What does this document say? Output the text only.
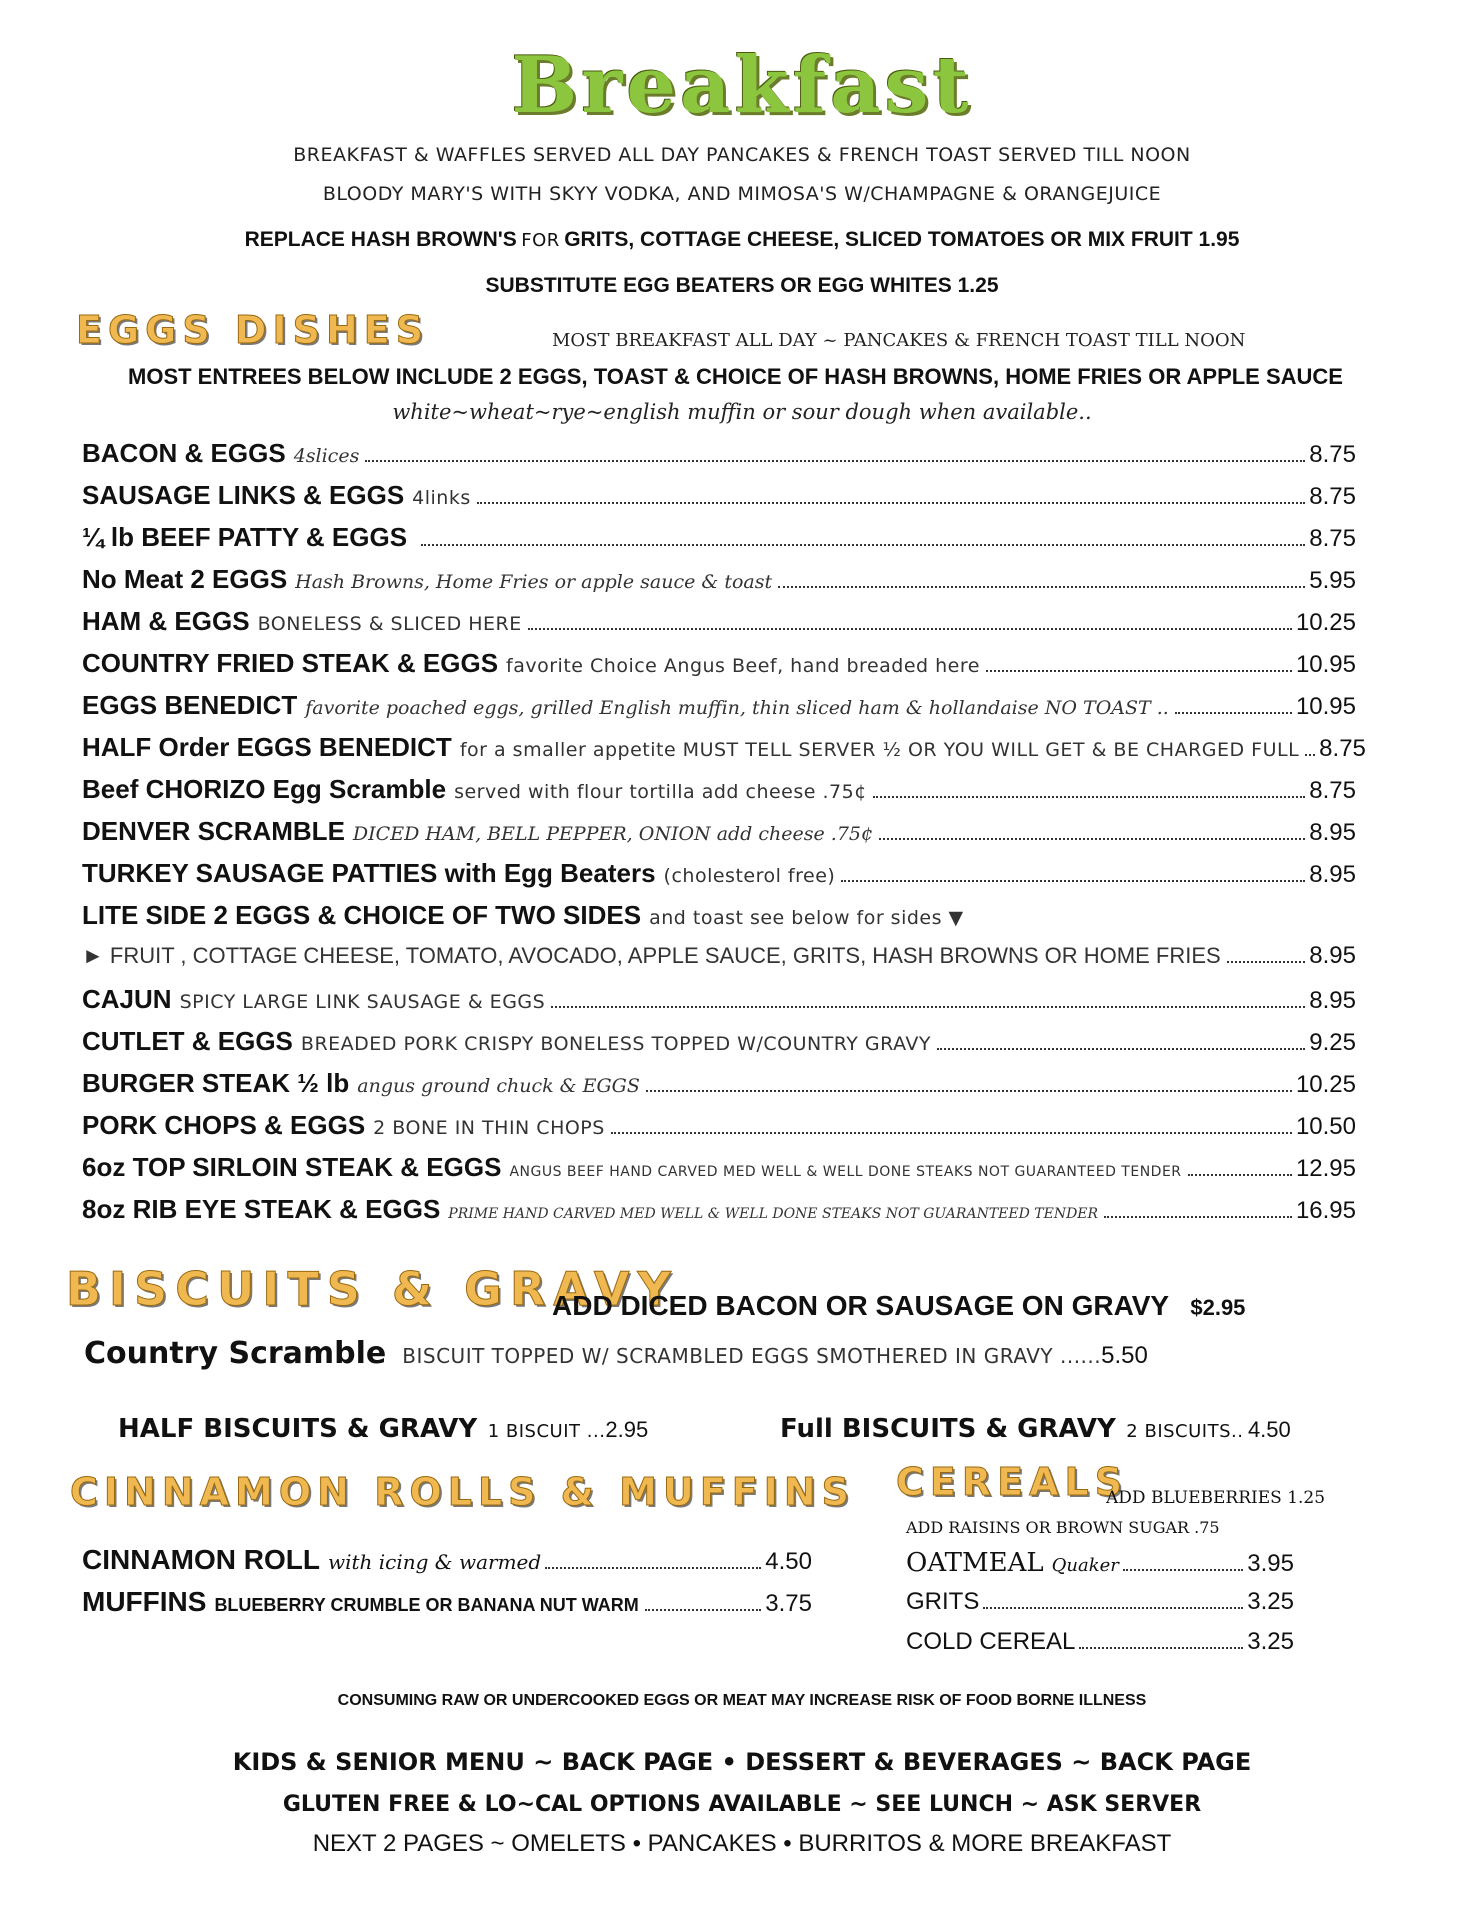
Breakfast
BREAKFAST & WAFFLES SERVED ALL DAY PANCAKES & FRENCH TOAST SERVED TILL NOON
BLOODY MARY'S WITH SKYY VODKA, AND MIMOSA'S W/CHAMPAGNE & ORANGEJUICE
REPLACE HASH BROWN'S FOR GRITS, COTTAGE CHEESE, SLICED TOMATOES OR MIX FRUIT 1.95
SUBSTITUTE EGG BEATERS OR EGG WHITES 1.25
EGGS DISHES	MOST BREAKFAST ALL DAY ~ PANCAKES & FRENCH TOAST TILL NOON
MOST ENTREES BELOW INCLUDE 2 EGGS, TOAST & CHOICE OF HASH BROWNS, HOME FRIES OR APPLE SAUCE
white~wheat~rye~english muffin or sour dough when available..
BACON & EGGS 4slices	8.75
SAUSAGE LINKS & EGGS 4links	8.75
¼ lb BEEF PATTY & EGGS	8.75
No Meat 2 EGGS Hash Browns, Home Fries or apple sauce & toast	5.95
HAM & EGGS BONELESS & SLICED HERE	10.25
COUNTRY FRIED STEAK & EGGS favorite Choice Angus Beef, hand breaded here	10.95
EGGS BENEDICT favorite poached eggs, grilled English muffin, thin sliced ham & hollandaise NO TOAST ..	10.95
HALF Order EGGS BENEDICT for a smaller appetite MUST TELL SERVER ½ OR YOU WILL GET & BE CHARGED FULL 8.75
Beef CHORIZO Egg Scramble served with flour tortilla add cheese .75¢	8.75
DENVER SCRAMBLE DICED HAM, BELL PEPPER, ONION add cheese .75¢	8.95
TURKEY SAUSAGE PATTIES with Egg Beaters (cholesterol free)	8.95
LITE SIDE 2 EGGS & CHOICE OF TWO SIDES and toast see below for sides ▼
► FRUIT , COTTAGE CHEESE, TOMATO, AVOCADO, APPLE SAUCE, GRITS, HASH BROWNS OR HOME FRIES	8.95
CAJUN SPICY LARGE LINK SAUSAGE & EGGS	8.95
CUTLET & EGGS BREADED PORK CRISPY BONELESS TOPPED W/COUNTRY GRAVY	9.25
BURGER STEAK ½ lb angus ground chuck & EGGS	10.25
PORK CHOPS & EGGS 2 BONE IN THIN CHOPS	10.50
6oz TOP SIRLOIN STEAK & EGGS ANGUS BEEF HAND CARVED MED WELL & WELL DONE STEAKS NOT GUARANTEED TENDER	12.95
8oz RIB EYE STEAK & EGGS PRIME HAND CARVED MED WELL & WELL DONE STEAKS NOT GUARANTEED TENDER	16.95
BISCUITS & GRAVY
ADD DICED BACON OR SAUSAGE ON GRAVY $2.95
Country Scramble BISCUIT TOPPED W/ SCRAMBLED EGGS SMOTHERED IN GRAVY ...... 5.50
HALF BISCUITS & GRAVY 1 BISCUIT ...2.95	Full BISCUITS & GRAVY 2 BISCUITS.. 4.50
CINNAMON ROLLS & MUFFINS
CINNAMON ROLL with icing & warmed	4.50
MUFFINS BLUEBERRY CRUMBLE OR BANANA NUT WARM	3.75
CEREALS
ADD BLUEBERRIES 1.25
ADD RAISINS OR BROWN SUGAR .75
OATMEAL Quaker	3.95
GRITS	3.25
COLD CEREAL	3.25
CONSUMING RAW OR UNDERCOOKED EGGS OR MEAT MAY INCREASE RISK OF FOOD BORNE ILLNESS
KIDS & SENIOR MENU ~ BACK PAGE • DESSERT & BEVERAGES ~ BACK PAGE
GLUTEN FREE & LO~CAL OPTIONS AVAILABLE ~ SEE LUNCH ~ ASK SERVER
NEXT 2 PAGES ~ OMELETS • PANCAKES • BURRITOS & MORE BREAKFAST
